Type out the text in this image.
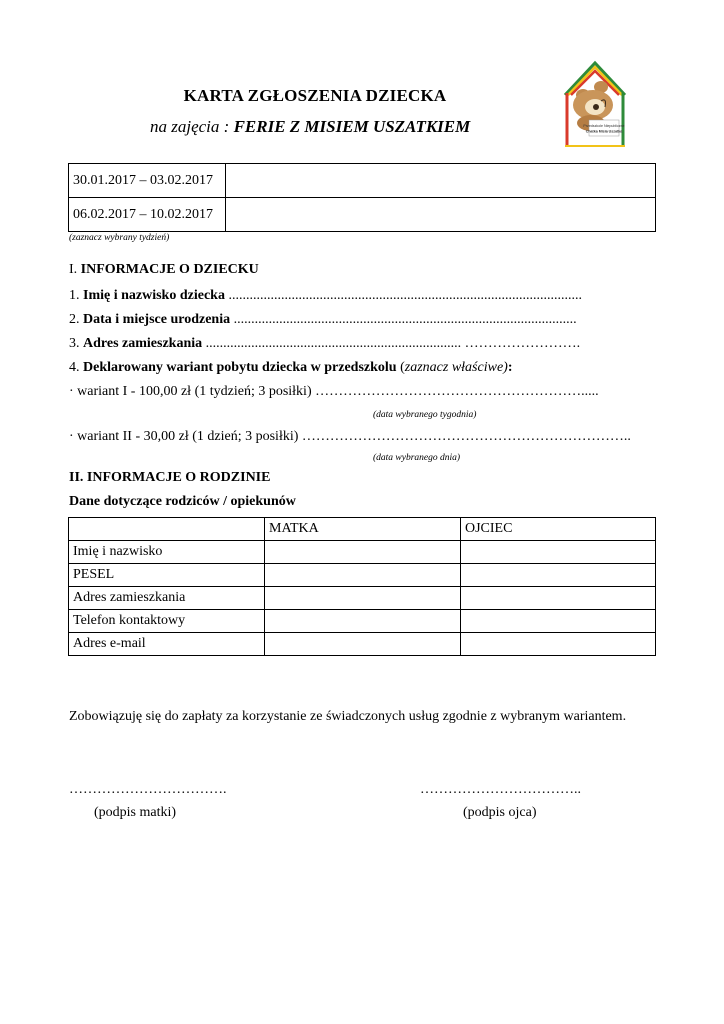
KARTA ZGŁOSZENIA DZIECKA
na zajęcia : FERIE Z MISIEM USZATKIEM	Przedszkole Niepubliczne
Chatka Misia Uszatka
30.01.2017 – 03.02.2017	
06.02.2017 – 10.02.2017	
(zaznacz wybrany tydzień)
I. INFORMACJE O DZIECKU
1. Imię i nazwisko dziecka .....................................................................................................
2. Data i miejsce urodzenia ..................................................................................................
3. Adres zamieszkania ......................................................................... …………………….
4. Deklarowany wariant pobytu dziecka w przedszkolu (zaznacz właściwe):
· wariant I - 100,00 zł (1 tydzień; 3 posiłki) ………………………………………………….....
(data wybranego tygodnia)
· wariant II - 30,00 zł (1 dzień; 3 posiłki) ……………………………………………………………..
(data wybranego dnia)
II. INFORMACJE O RODZINIE
Dane dotyczące rodziców / opiekunów
	MATKA	OJCIEC
Imię i nazwisko		
PESEL		
Adres zamieszkania		
Telefon kontaktowy		
Adres e-mail		
Zobowiązuję się do zapłaty za korzystanie ze świadczonych usług zgodnie z wybranym wariantem.
…………………………….
(podpis matki)
……………………………..
(podpis ojca)
